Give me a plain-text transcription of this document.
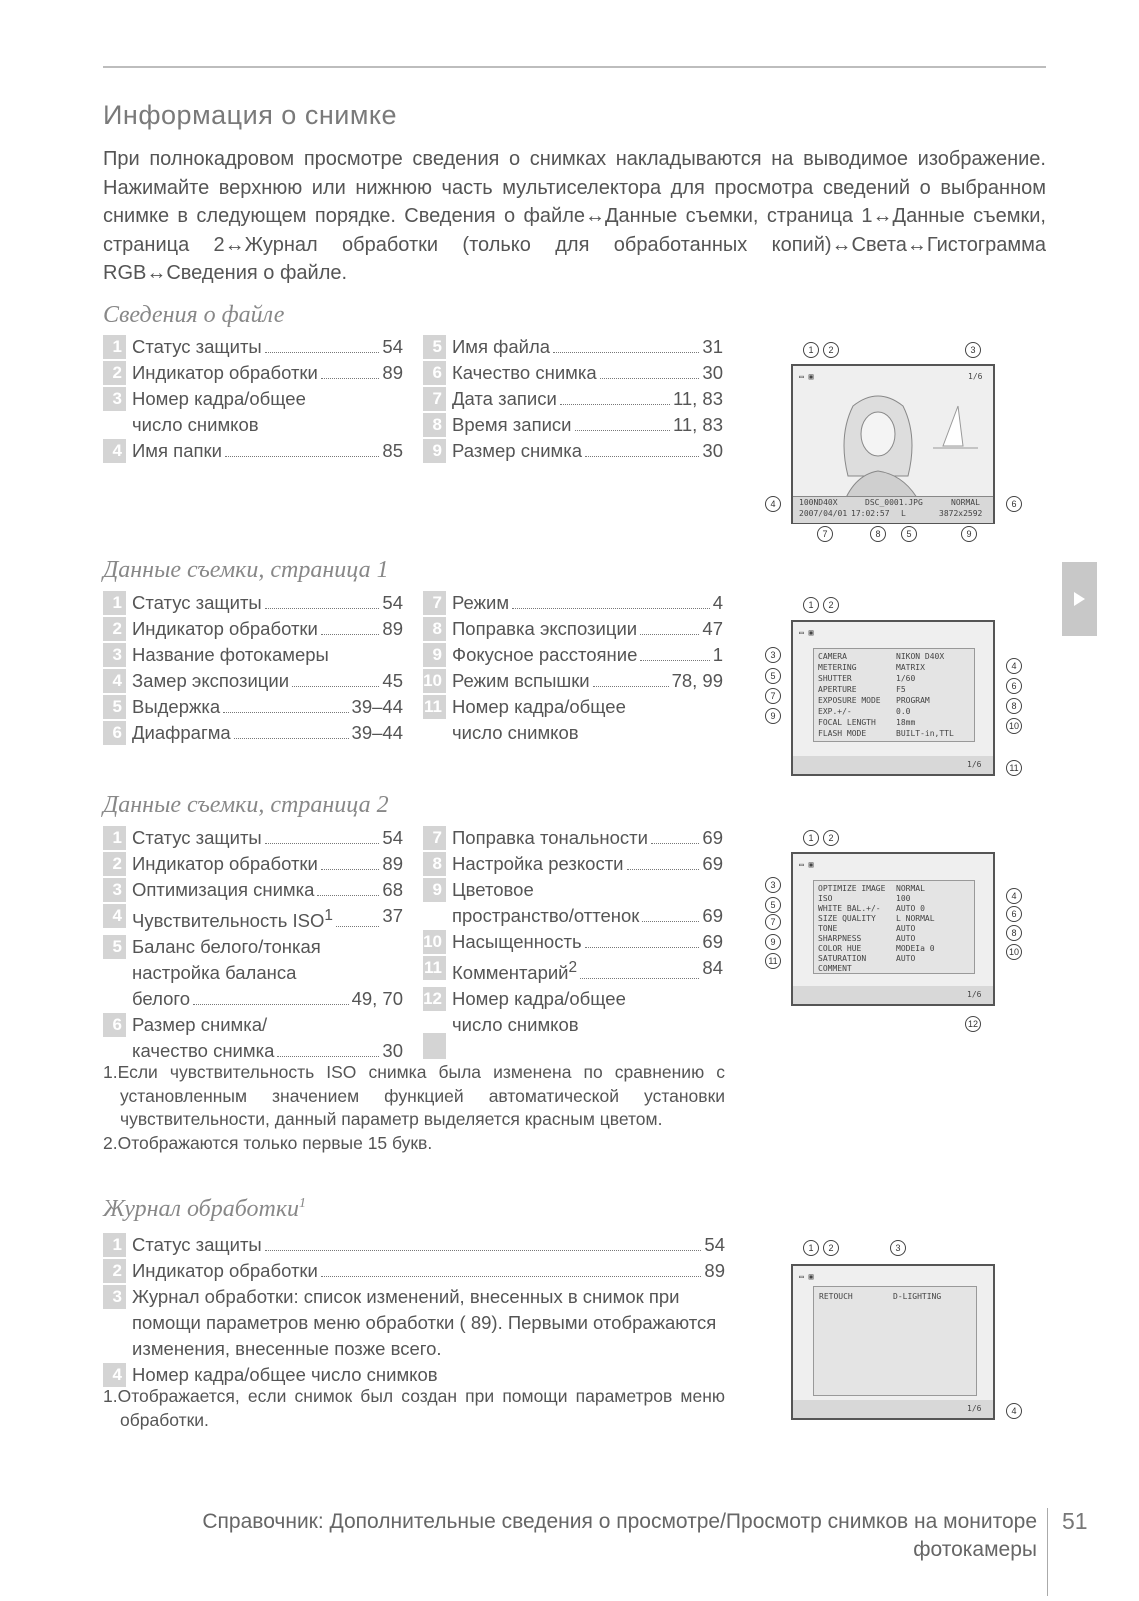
Информация о снимке
При полнокадровом просмотре сведения о снимках накладываются на выводимое изображение. Нажимайте верхнюю или нижнюю часть мультиселектора для просмотра сведений о выбранном снимке в следующем порядке. Сведения о файле↔Данные съемки, страница 1↔Данные съемки, страница 2↔Журнал обработки (только для обработанных копий)↔Света↔Гистограмма RGB↔Сведения о файле.
Сведения о файле
1 Статус защиты	54
2 Индикатор обработки	89
3 Номер кадра/общее
число снимков
4 Имя папки	85
5 Имя файла	31
6 Качество снимка	30
7 Дата записи	11, 83
8 Время записи	11, 83
9 Размер снимка	30
▭ ▣	1/6
100ND40X	DSC_0001.JPG	NORMAL
2007/04/01 17:02:57 L	3872x2592
1	2	3
4	6
7	8	5	9
Данные съемки, страница 1
1 Статус защиты	54
2 Индикатор обработки	89
3 Название фотокамеры
4 Замер экспозиции	45
5 Выдержка	39–44
6 Диафрагма	39–44
7 Режим	4
8 Поправка экспозиции	47
9 Фокусное расстояние	1
10 Режим вспышки	78, 99
11 Номер кадра/общее
число снимков
▭ ▣
CAMERA	NIKON D40X
METERING	MATRIX
SHUTTER	1/60
APERTURE	F5
EXPOSURE MODE PROGRAM
EXP.+/-	0.0
FOCAL LENGTH	18mm
FLASH MODE	BUILT-in,TTL
1/6
1	2
3
5
7
9
4
6
8
10
11
Данные съемки, страница 2
1 Статус защиты	54
2 Индикатор обработки	89
3 Оптимизация снимка	68
4 Чувствительность ISO$^1$	37
5 Баланс белого/тонкая
настройка баланса
белого	49, 70
6 Размер снимка/
качество снимка	30
7 Поправка тональности	69
8 Настройка резкости	69
9 Цветовое
пространство/оттенок	69
10 Насыщенность	69
11 Комментарий$^2$	84
12 Номер кадра/общее
число снимков

1.Если чувствительность ISO снимка была изменена по сравнению с установленным значением функцией автоматической установки чувствительности, данный параметр выделяется красным цветом.

2.Отображаются только первые 15 букв.

▭ ▣
OPTIMIZE IMAGE NORMAL
ISO	100
WHITE BAL.+/- AUTO 0
SIZE QUALITY	L NORMAL
TONE	AUTO
SHARPNESS	AUTO
COLOR HUE	MODEIa 0
SATURATION	AUTO
COMMENT
1/6
1	2
3
5
7
9
11
4
6
8
10
12
Журнал обработки$^1$
1 Статус защиты	54
2 Индикатор обработки	89
3 Журнал обработки: список изменений, внесенных в снимок при помощи параметров меню обработки ( 89). Первыми отображаются изменения, внесенные позже всего.
4 Номер кадра/общее число снимков

1.Отображается, если снимок был создан при помощи параметров меню обработки.

▭ ▣
RETOUCH	D-LIGHTING
1/6
1	2	3
4
Справочник: Дополнительные сведения о просмотре/Просмотр снимков на мониторе фотокамеры
51
